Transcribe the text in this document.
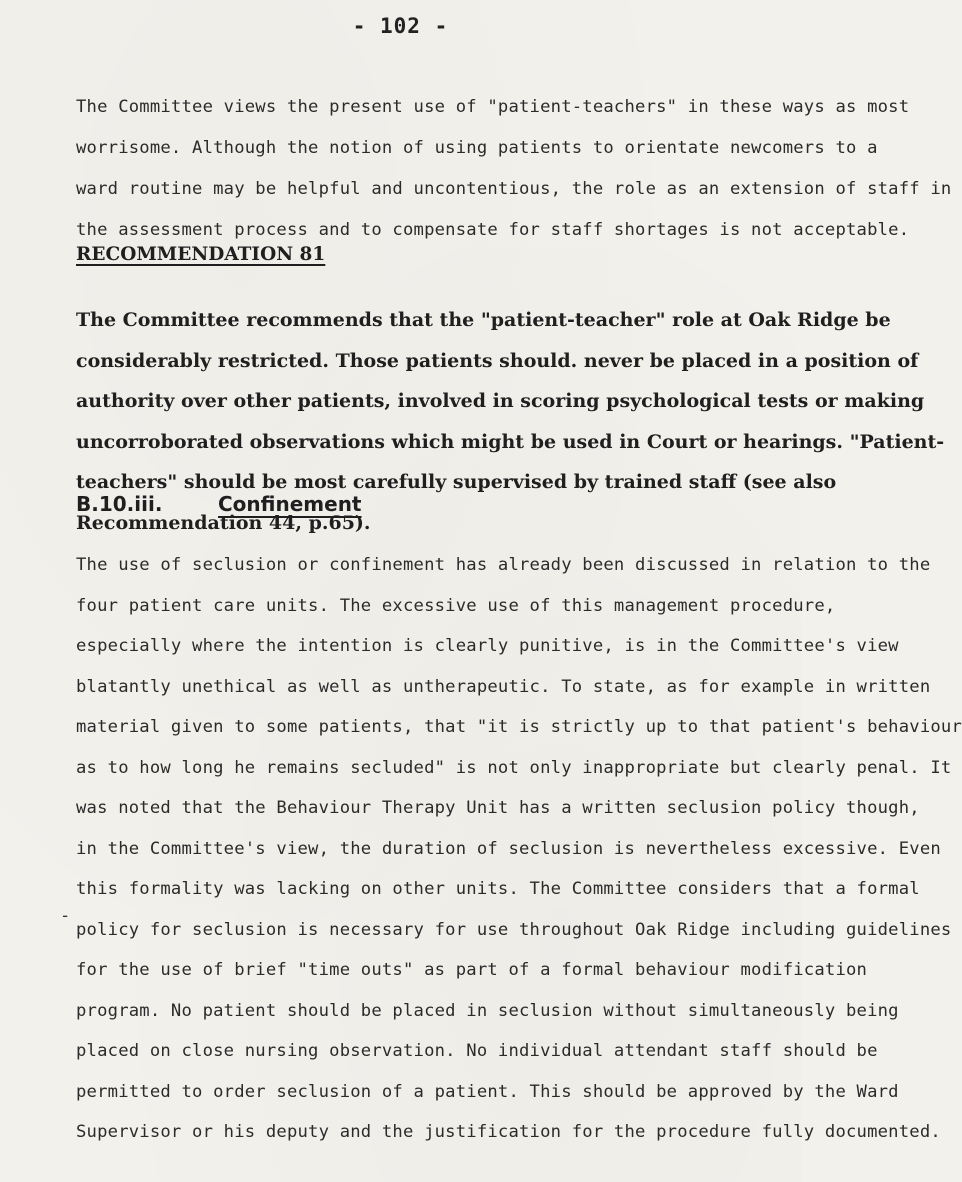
- 102 -
The Committee views the present use of "patient-teachers" in these ways as most
worrisome. Although the notion of using patients to orientate newcomers to a
ward routine may be helpful and uncontentious, the role as an extension of staff in
the assessment process and to compensate for staff shortages is not acceptable.
RECOMMENDATION 81
The Committee recommends that the "patient-teacher" role at Oak Ridge be
considerably restricted. Those patients should. never be placed in a position of
authority over other patients, involved in scoring psychological tests or making
uncorroborated observations which might be used in Court or hearings. "Patient-
teachers" should be most carefully supervised by trained staff (see also
Recommendation 44, p.65).
B.10.iii.	Confinement
The use of seclusion or confinement has already been discussed in relation to the
four patient care units. The excessive use of this management procedure,
especially where the intention is clearly punitive, is in the Committee's view
blatantly unethical as well as untherapeutic. To state, as for example in written
material given to some patients, that "it is strictly up to that patient's behaviour
as to how long he remains secluded" is not only inappropriate but clearly penal. It
was noted that the Behaviour Therapy Unit has a written seclusion policy though,
in the Committee's view, the duration of seclusion is nevertheless excessive. Even
this formality was lacking on other units. The Committee considers that a formal
policy for seclusion is necessary for use throughout Oak Ridge including guidelines
for the use of brief "time outs" as part of a formal behaviour modification
program. No patient should be placed in seclusion without simultaneously being
placed on close nursing observation. No individual attendant staff should be
permitted to order seclusion of a patient. This should be approved by the Ward
Supervisor or his deputy and the justification for the procedure fully documented.
-
